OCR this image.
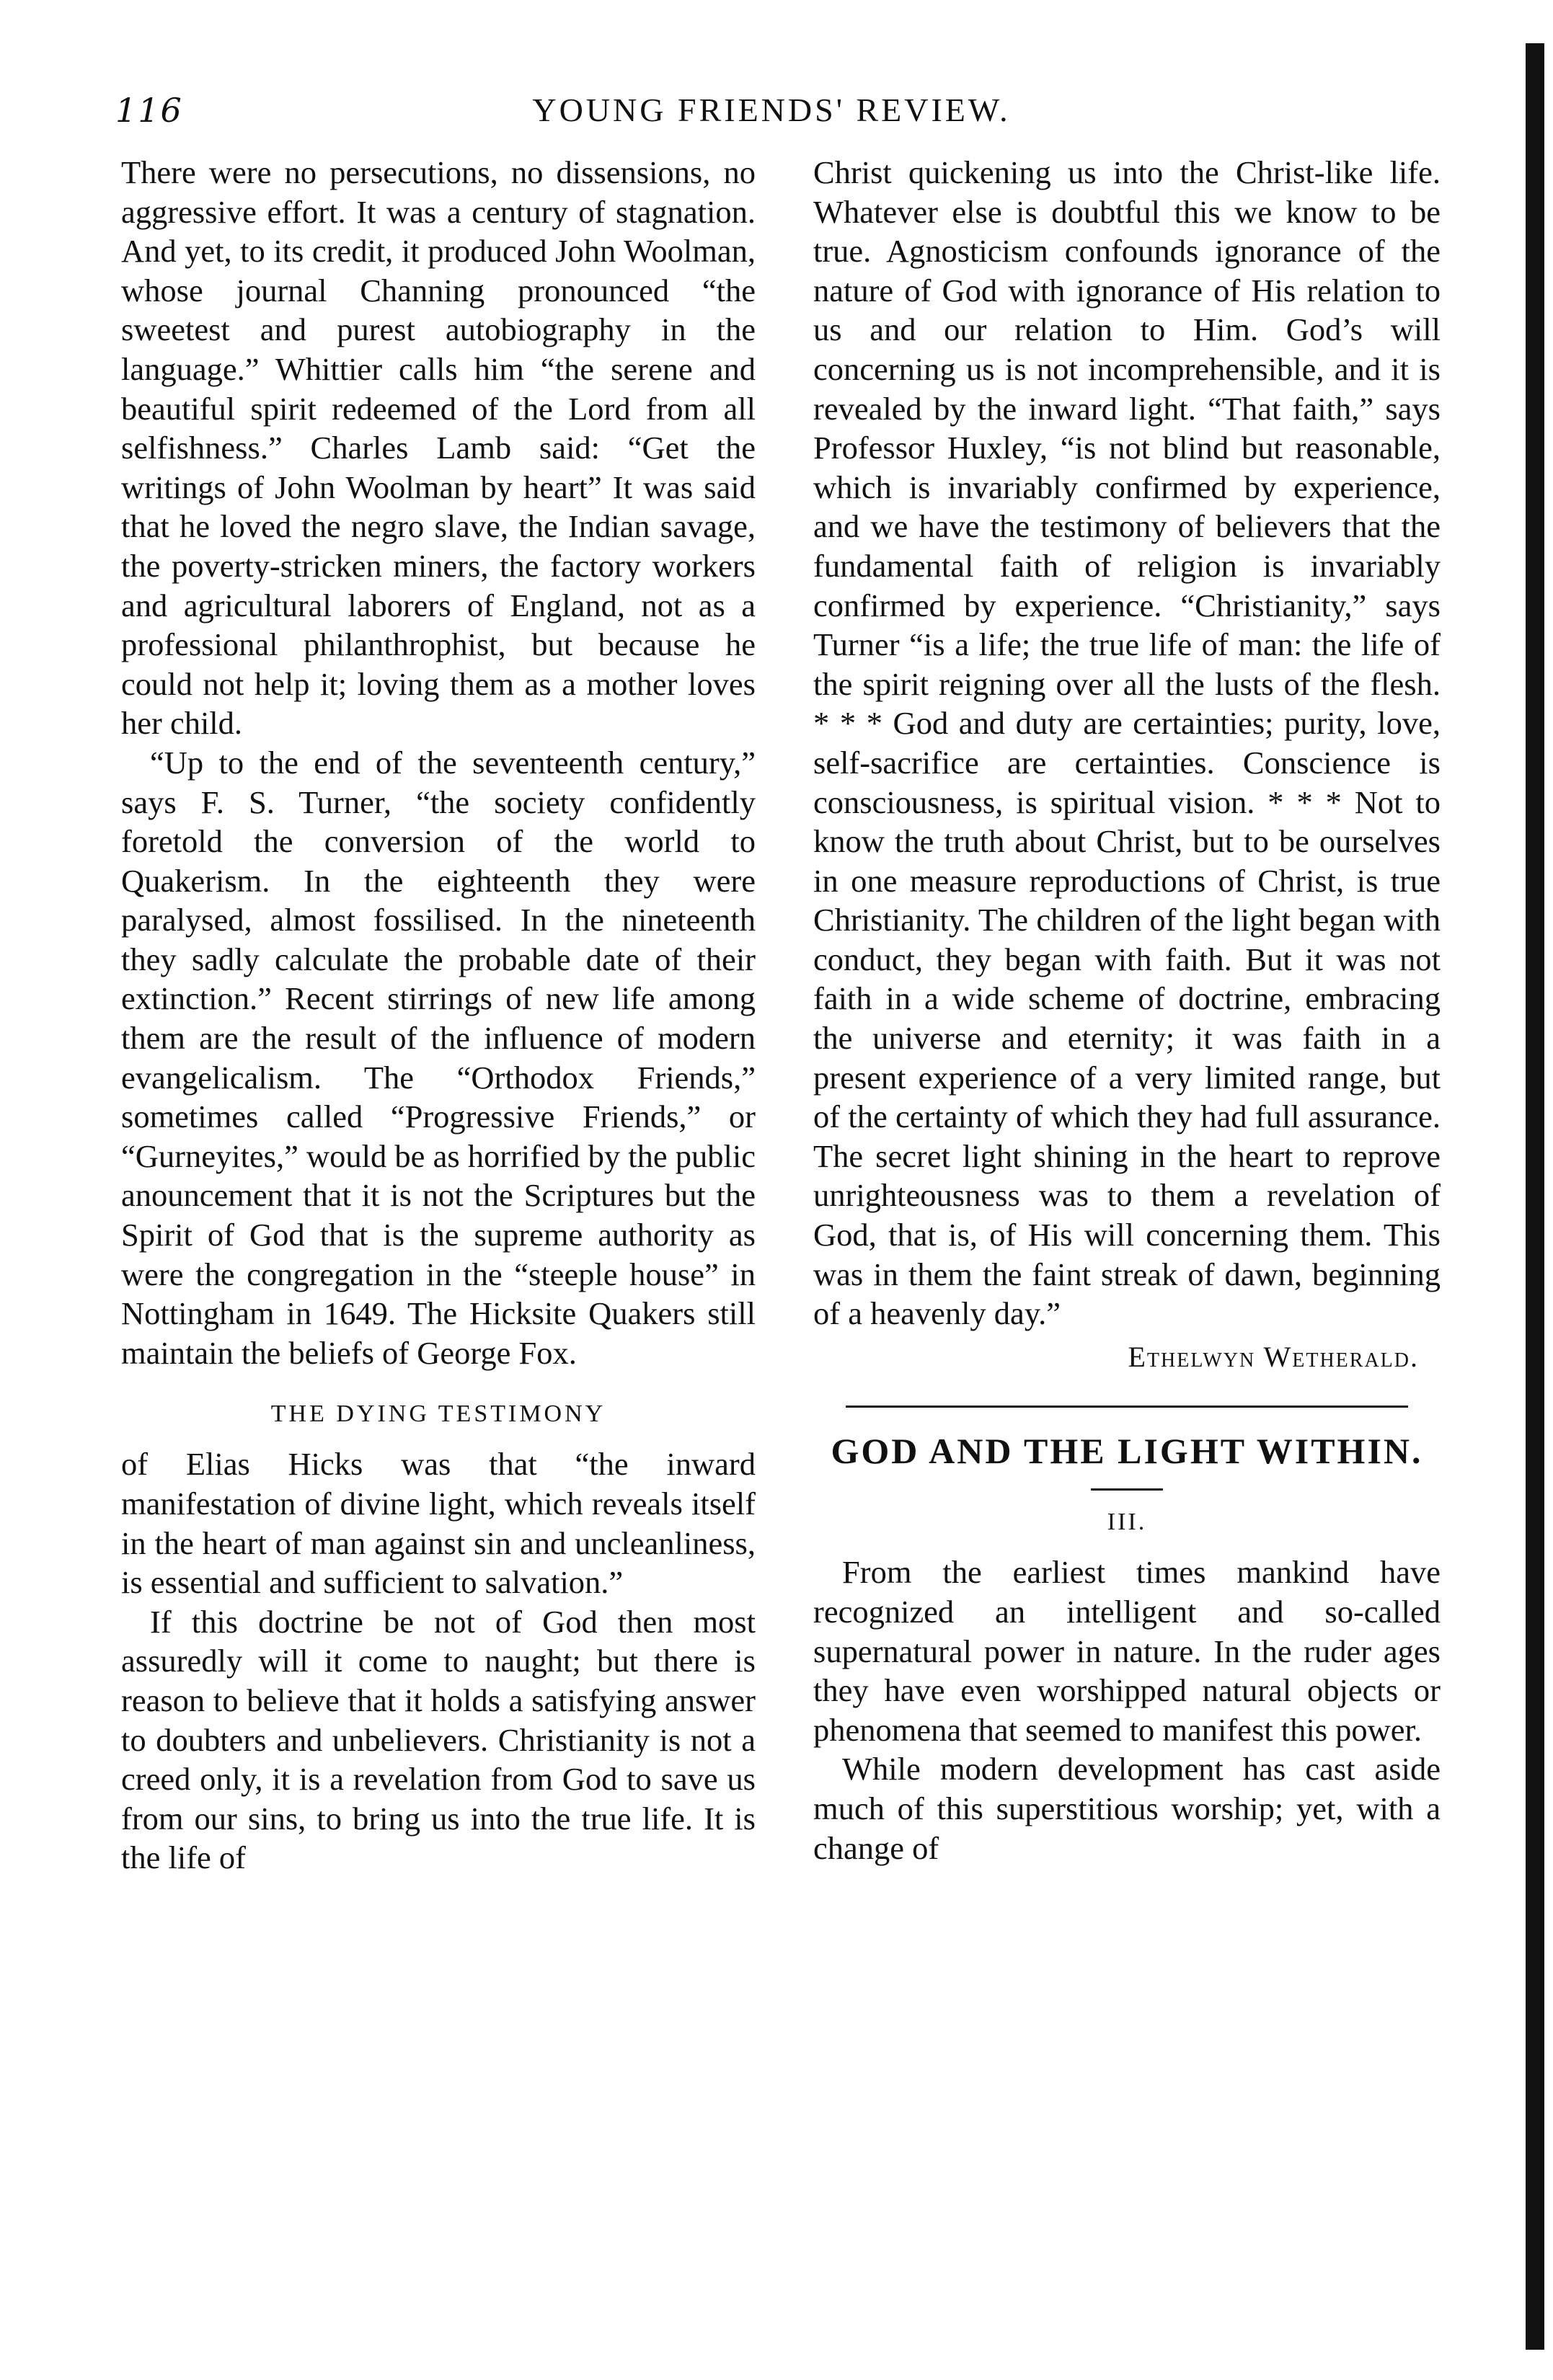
116	YOUNG FRIENDS' REVIEW.

There were no persecutions, no dissensions, no aggressive effort. It was a century of stagnation. And yet, to its credit, it produced John Woolman, whose journal Channing pronounced “the sweetest and purest autobiography in the language.” Whittier calls him “the serene and beautiful spirit redeemed of the Lord from all selfishness.” Charles Lamb said: “Get the writings of John Woolman by heart” It was said that he loved the negro slave, the Indian savage, the poverty-stricken miners, the factory workers and agricultural laborers of England, not as a professional philanthrophist, but because he could not help it; loving them as a mother loves her child.

“Up to the end of the seventeenth century,” says F. S. Turner, “the society confidently foretold the conversion of the world to Quakerism. In the eighteenth they were paralysed, almost fossilised. In the nineteenth they sadly calculate the probable date of their extinction.” Recent stirrings of new life among them are the result of the influence of modern evangelicalism. The “Orthodox Friends,” sometimes called “Progressive Friends,” or “Gurneyites,” would be as horrified by the public anouncement that it is not the Scriptures but the Spirit of God that is the supreme authority as were the congregation in the “steeple house” in Nottingham in 1649. The Hicksite Quakers still maintain the beliefs of George Fox.

THE DYING TESTIMONY

of Elias Hicks was that “the inward manifestation of divine light, which reveals itself in the heart of man against sin and uncleanliness, is essential and sufficient to salvation.”

If this doctrine be not of God then most assuredly will it come to naught; but there is reason to believe that it holds a satisfying answer to doubters and unbelievers. Christianity is not a creed only, it is a revelation from God to save us from our sins, to bring us into the true life. It is the life of

Christ quickening us into the Christ-like life. Whatever else is doubtful this we know to be true. Agnosticism confounds ignorance of the nature of God with ignorance of His relation to us and our relation to Him. God’s will concerning us is not incomprehensible, and it is revealed by the inward light. “That faith,” says Professor Huxley, “is not blind but reasonable, which is invariably confirmed by experience, and we have the testimony of believers that the fundamental faith of religion is invariably confirmed by experience. “Christianity,” says Turner “is a life; the true life of man: the life of the spirit reigning over all the lusts of the flesh. * * * God and duty are certainties; purity, love, self-sacrifice are certainties. Conscience is consciousness, is spiritual vision. * * * Not to know the truth about Christ, but to be ourselves in one measure reproductions of Christ, is true Christianity. The children of the light began with conduct, they began with faith. But it was not faith in a wide scheme of doctrine, embracing the universe and eternity; it was faith in a present experience of a very limited range, but of the certainty of which they had full assurance. The secret light shining in the heart to reprove unrighteousness was to them a revelation of God, that is, of His will concerning them. This was in them the faint streak of dawn, beginning of a heavenly day.”

Ethelwyn Wetherald.
GOD AND THE LIGHT WITHIN.
III.

From the earliest times mankind have recognized an intelligent and so-called supernatural power in nature. In the ruder ages they have even worshipped natural objects or phenomena that seemed to manifest this power.

While modern development has cast aside much of this superstitious worship; yet, with a change of
